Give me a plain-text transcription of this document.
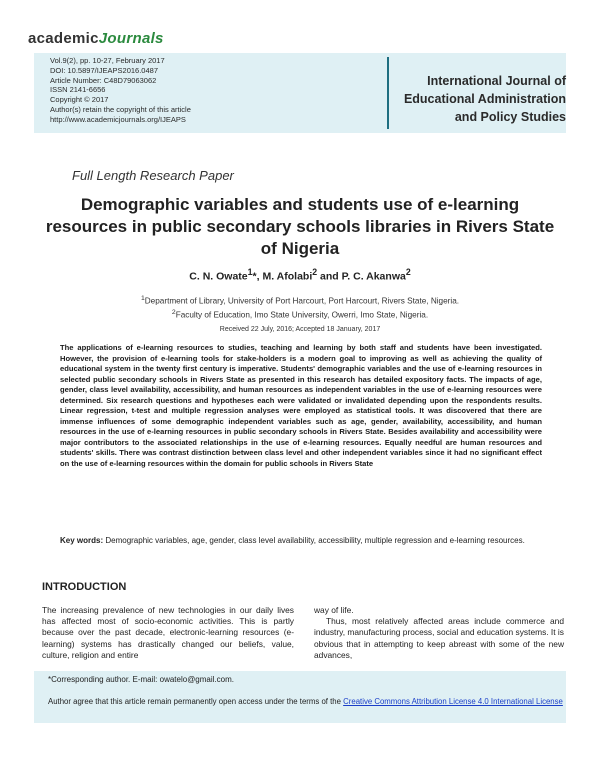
academicJournals
Vol.9(2), pp. 10-27, February 2017
DOI: 10.5897/IJEAPS2016.0487
Article Number: C48D79063062
ISSN 2141-6656
Copyright © 2017
Author(s) retain the copyright of this article
http://www.academicjournals.org/IJEAPS
International Journal of
Educational Administration
and Policy Studies
Full Length Research Paper
Demographic variables and students use of e-learning resources in public secondary schools libraries in Rivers State of Nigeria
C. N. Owate$^1$*, M. Afolabi$^2$ and P. C. Akanwa$^2$
$^1$Department of Library, University of Port Harcourt, Port Harcourt, Rivers State, Nigeria.
$^2$Faculty of Education, Imo State University, Owerri, Imo State, Nigeria.
Received 22 July, 2016; Accepted 18 January, 2017
The applications of e-learning resources to studies, teaching and learning by both staff and students have been investigated. However, the provision of e-learning tools for stake-holders is a modern goal to improving as well as achieving the quality of educational system in the twenty first century is imperative. Students' demographic variables and the use of e-learning resources in selected public secondary schools in Rivers State as presented in this research has detailed expository facts. The impacts of age, gender, class level availability, accessibility, and human resources as independent variables in the use of e-learning resources were determined. Six research questions and hypotheses each were validated or invalidated depending upon the respondents results. Linear regression, t-test and multiple regression analyses were employed as statistical tools. It was discovered that there are immense influences of some demographic independent variables such as age, gender, availability, accessibility, and human resources in the use of e-learning resources in public secondary schools in Rivers State. Besides availability and accessibility were major contributors to the associated relationships in the use of e-learning resources. Equally needful are human resources and students' skills. There was contrast distinction between class level and other independent variables since it had no significant effect on the use of e-learning resources within the domain for public schools in Rivers State
Key words: Demographic variables, age, gender, class level availability, accessibility, multiple regression and e-learning resources.
INTRODUCTION
The increasing prevalence of new technologies in our daily lives has affected most of socio-economic activities. This is partly because over the past decade, electronic-learning resources (e-learning) systems has drastically changed our beliefs, value, culture, religion and entire

way of life.

Thus, most relatively affected areas include commerce and industry, manufacturing process, social and education systems. It is obvious that in attempting to keep abreast with some of the new advances,

*Corresponding author. E-mail: owatelo@gmail.com.
Author agree that this article remain permanently open access under the terms of the Creative Commons Attribution License 4.0 International License
